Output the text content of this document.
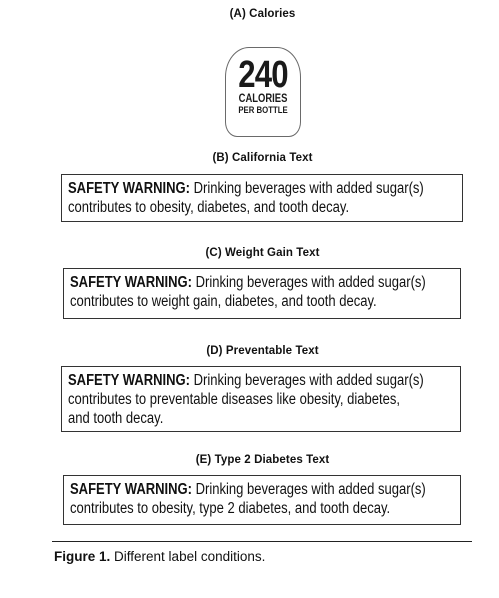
(A) Calories
240
CALORIES
PER BOTTLE
(B) California Text
SAFETY WARNING: Drinking beverages with added sugar(s)
contributes to obesity, diabetes, and tooth decay.
(C) Weight Gain Text
SAFETY WARNING: Drinking beverages with added sugar(s)
contributes to weight gain, diabetes, and tooth decay.
(D) Preventable Text
SAFETY WARNING: Drinking beverages with added sugar(s)
contributes to preventable diseases like obesity, diabetes,
and tooth decay.
(E) Type 2 Diabetes Text
SAFETY WARNING: Drinking beverages with added sugar(s)
contributes to obesity, type 2 diabetes, and tooth decay.
Figure 1. Different label conditions.
